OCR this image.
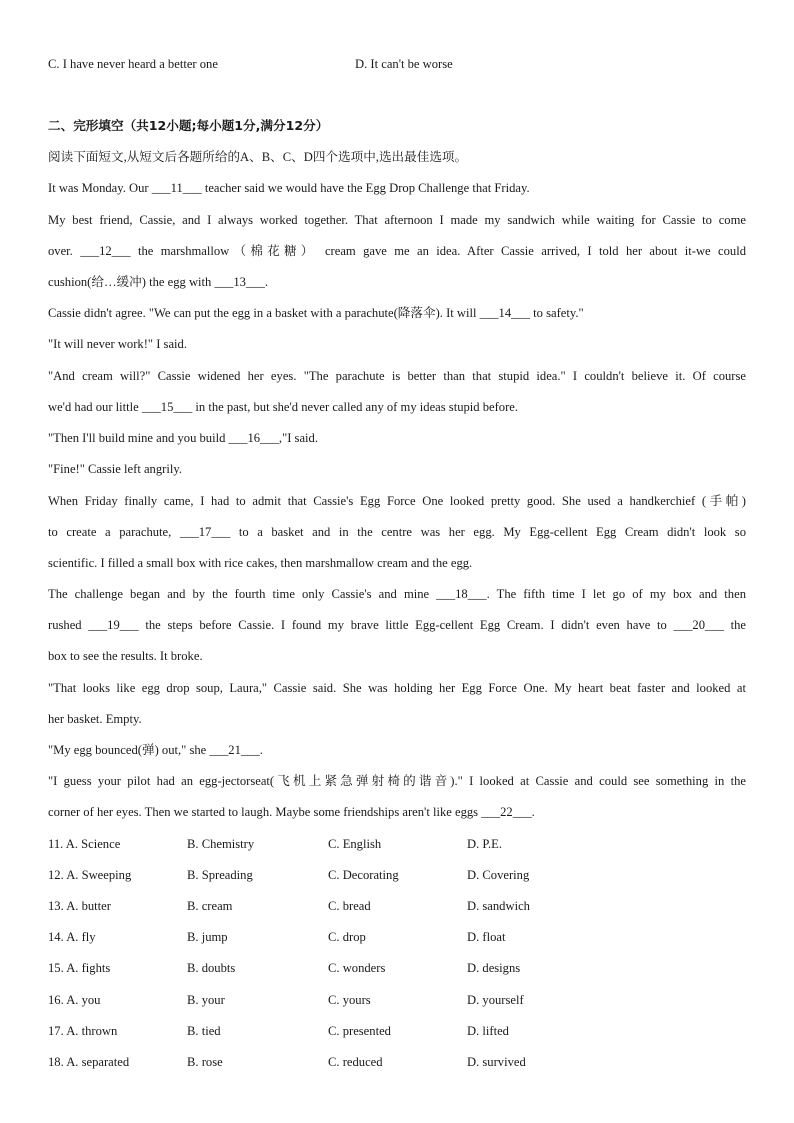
C. I have never heard a better one	D. It can't be worse
二、完形填空（共12小题;每小题1分,满分12分）
阅读下面短文,从短文后各题所给的A、B、C、D四个选项中,选出最佳选项。
It was Monday. Our ___11___ teacher said we would have the Egg Drop Challenge that Friday.
My best friend, Cassie, and I always worked together. That afternoon I made my sandwich while waiting for Cassie to come
over. ___12___ the marshmallow（棉花糖） cream gave me an idea. After Cassie arrived, I told her about it-we could
cushion(给…缓冲) the egg with ___13___.
Cassie didn't agree. "We can put the egg in a basket with a parachute(降落伞). It will ___14___ to safety."
"It will never work!" I said.
"And cream will?" Cassie widened her eyes. "The parachute is better than that stupid idea." I couldn't believe it. Of course
we'd had our little ___15___ in the past, but she'd never called any of my ideas stupid before.
"Then I'll build mine and you build ___16___,"I said.
"Fine!" Cassie left angrily.
When Friday finally came, I had to admit that Cassie's Egg Force One looked pretty good. She used a handkerchief (手帕)
to create a parachute, ___17___ to a basket and in the centre was her egg. My Egg-cellent Egg Cream didn't look so
scientific. I filled a small box with rice cakes, then marshmallow cream and the egg.
The challenge began and by the fourth time only Cassie's and mine ___18___. The fifth time I let go of my box and then
rushed ___19___ the steps before Cassie. I found my brave little Egg-cellent Egg Cream. I didn't even have to ___20___ the
box to see the results. It broke.
"That looks like egg drop soup, Laura," Cassie said. She was holding her Egg Force One. My heart beat faster and looked at
her basket. Empty.
"My egg bounced(弹) out," she ___21___.
"I guess your pilot had an egg-jectorseat(飞机上紧急弹射椅的谐音)." I looked at Cassie and could see something in the
corner of her eyes. Then we started to laugh. Maybe some friendships aren't like eggs ___22___.
11. A. Science	B. Chemistry	C. English	D. P.E.
12. A. Sweeping	B. Spreading	C. Decorating	D. Covering
13. A. butter	B. cream	C. bread	D. sandwich
14. A. fly	B. jump	C. drop	D. float
15. A. fights	B. doubts	C. wonders	D. designs
16. A. you	B. your	C. yours	D. yourself
17. A. thrown	B. tied	C. presented	D. lifted
18. A. separated	B. rose	C. reduced	D. survived
